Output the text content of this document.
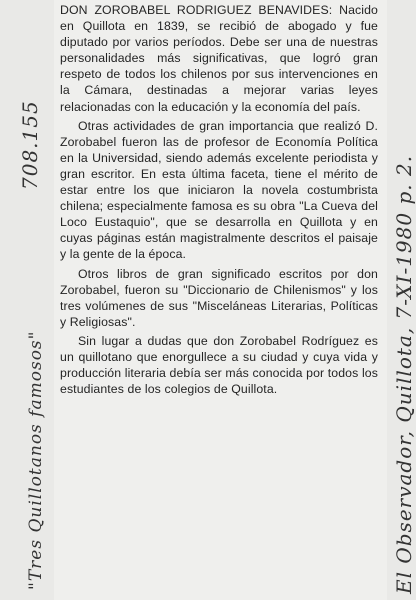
DON ZOROBABEL RODRIGUEZ BENAVIDES: Nacido en Quillota en 1839, se recibió de abogado y fue diputado por varios períodos. Debe ser una de nuestras personalidades más significativas, que logró gran respeto de todos los chilenos por sus intervenciones en la Cámara, destinadas a mejorar varias leyes relacionadas con la educación y la economía del país.

Otras actividades de gran importancia que realizó D. Zorobabel fueron las de profesor de Economía Política en la Universidad, siendo además excelente periodista y gran escritor. En esta última faceta, tiene el mérito de estar entre los que iniciaron la novela costumbrista chilena; especialmente famosa es su obra "La Cueva del Loco Eustaquio", que se desarrolla en Quillota y en cuyas páginas están magistralmente descritos el paisaje y la gente de la época.

Otros libros de gran significado escritos por don Zorobabel, fueron su "Diccionario de Chilenismos" y los tres volúmenes de sus "Misceláneas Literarias, Políticas y Religiosas".

Sin lugar a dudas que don Zorobabel Rodríguez es un quillotano que enorgullece a su ciudad y cuya vida y producción literaria debía ser más conocida por todos los estudiantes de los colegios de Quillota.

708.155
"Tres Quillotanos famosos"	El Observador, Quillota, 7-XI-1980 p. 2.
